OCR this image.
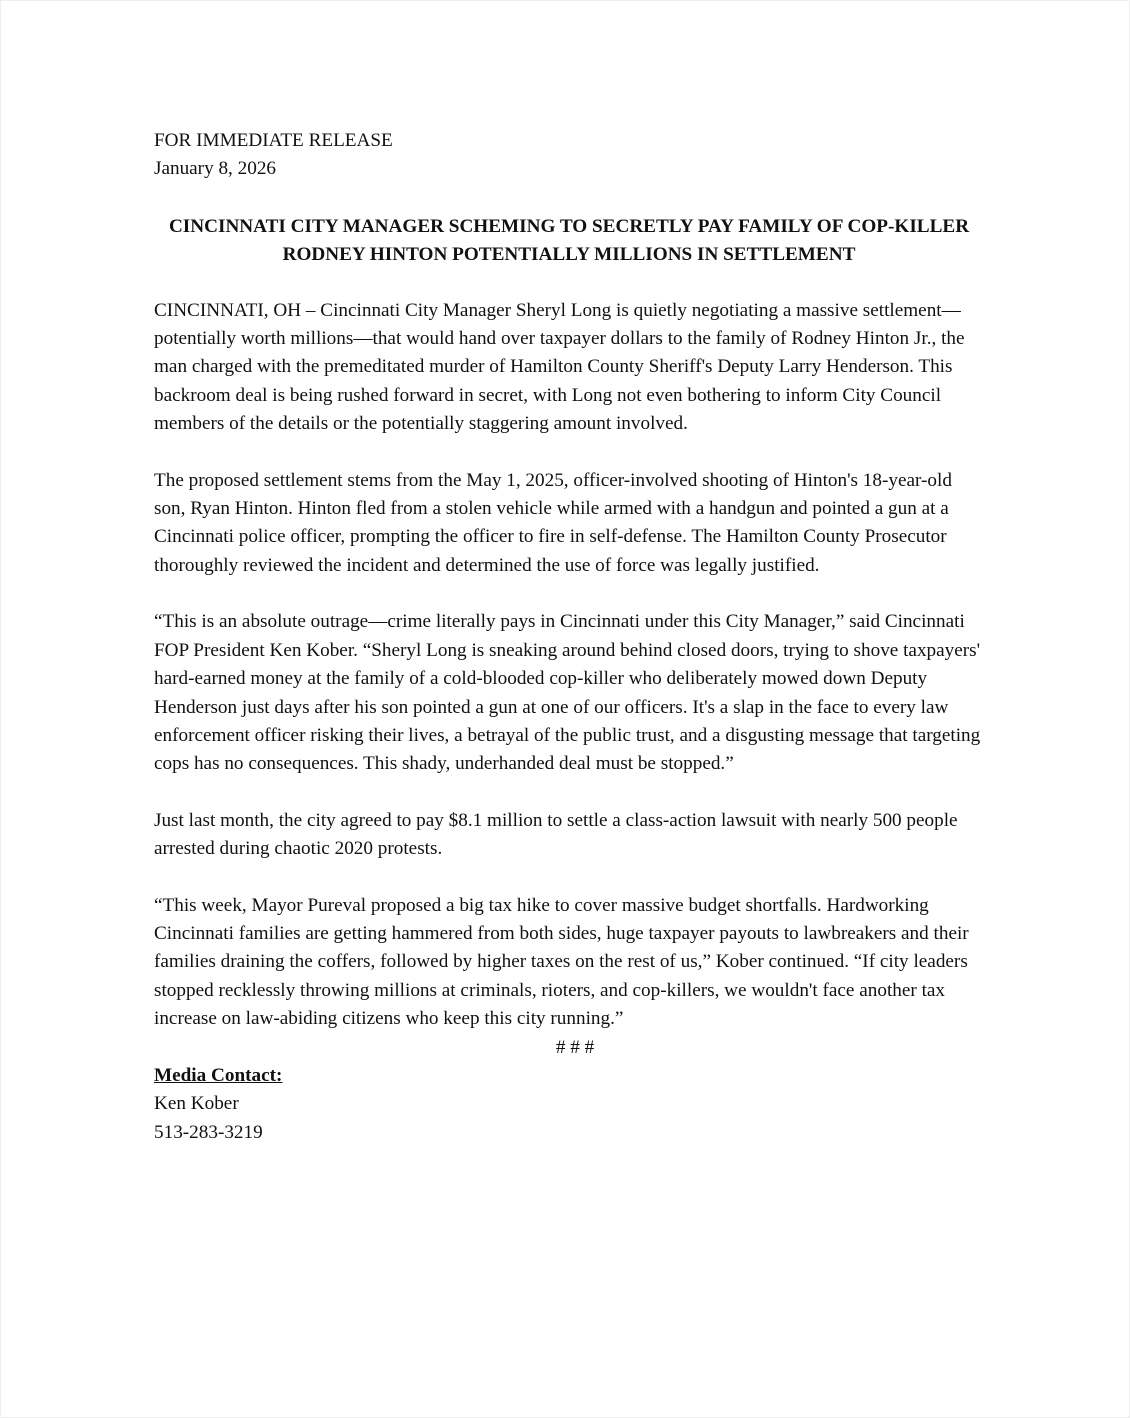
FOR IMMEDIATE RELEASE
January 8, 2026
CINCINNATI CITY MANAGER SCHEMING TO SECRETLY PAY FAMILY OF COP-KILLER RODNEY HINTON POTENTIALLY MILLIONS IN SETTLEMENT

CINCINNATI, OH – Cincinnati City Manager Sheryl Long is quietly negotiating a massive settlement—potentially worth millions—that would hand over taxpayer dollars to the family of Rodney Hinton Jr., the man charged with the premeditated murder of Hamilton County Sheriff's Deputy Larry Henderson. This backroom deal is being rushed forward in secret, with Long not even bothering to inform City Council members of the details or the potentially staggering amount involved.

The proposed settlement stems from the May 1, 2025, officer-involved shooting of Hinton's 18-year-old son, Ryan Hinton. Hinton fled from a stolen vehicle while armed with a handgun and pointed a gun at a Cincinnati police officer, prompting the officer to fire in self-defense. The Hamilton County Prosecutor thoroughly reviewed the incident and determined the use of force was legally justified.

“This is an absolute outrage—crime literally pays in Cincinnati under this City Manager,” said Cincinnati FOP President Ken Kober. “Sheryl Long is sneaking around behind closed doors, trying to shove taxpayers' hard-earned money at the family of a cold-blooded cop-killer who deliberately mowed down Deputy Henderson just days after his son pointed a gun at one of our officers. It's a slap in the face to every law enforcement officer risking their lives, a betrayal of the public trust, and a disgusting message that targeting cops has no consequences. This shady, underhanded deal must be stopped.”

Just last month, the city agreed to pay $8.1 million to settle a class-action lawsuit with nearly 500 people arrested during chaotic 2020 protests.

“This week, Mayor Pureval proposed a big tax hike to cover massive budget shortfalls. Hardworking Cincinnati families are getting hammered from both sides, huge taxpayer payouts to lawbreakers and their families draining the coffers, followed by higher taxes on the rest of us,” Kober continued. “If city leaders stopped recklessly throwing millions at criminals, rioters, and cop-killers, we wouldn't face another tax increase on law-abiding citizens who keep this city running.”

# # #
Media Contact:
Ken Kober
513-283-3219
